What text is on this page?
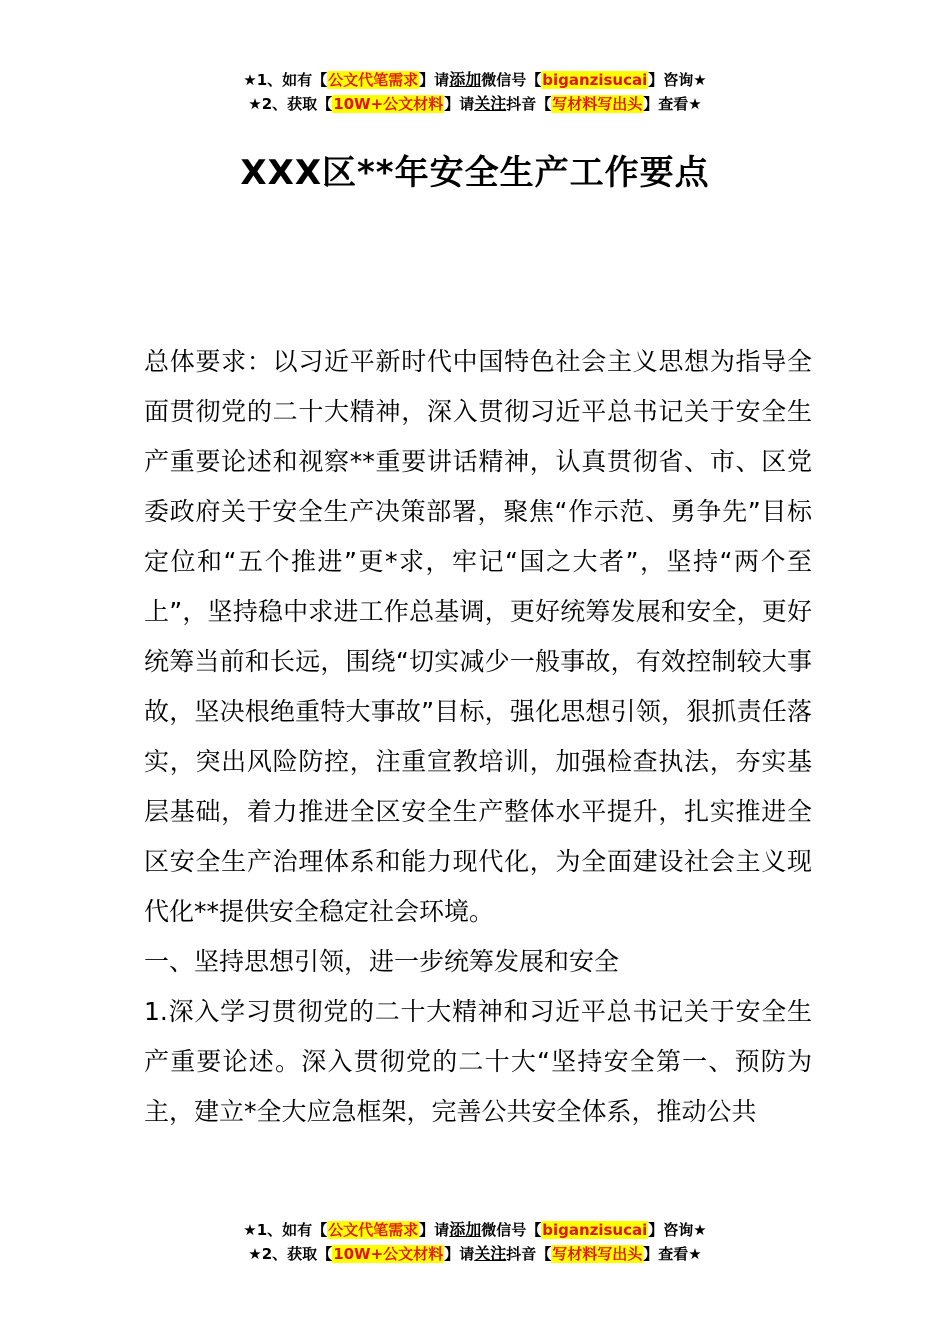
★1、如有【公文代笔需求】请添加微信号【biganzisucai】咨询★
★2、获取【10W+公文材料】请关注抖音【写材料写出头】查看★
XXX区**年安全生产工作要点

总体要求：以习近平新时代中国特色社会主义思想为指导全面贯彻党的二十大精神，深入贯彻习近平总书记关于安全生产重要论述和视察**重要讲话精神，认真贯彻省、市、区党委政府关于安全生产决策部署，聚焦“作示范、勇争先”目标定位和“五个推进”更*求，牢记“国之大者”，坚持“两个至上”，坚持稳中求进工作总基调，更好统筹发展和安全，更好统筹当前和长远，围绕“切实减少一般事故，有效控制较大事故，坚决根绝重特大事故”目标，强化思想引领，狠抓责任落实，突出风险防控，注重宣教培训，加强检查执法，夯实基层基础，着力推进全区安全生产整体水平提升，扎实推进全区安全生产治理体系和能力现代化，为全面建设社会主义现代化**提供安全稳定社会环境。

一、坚持思想引领，进一步统筹发展和安全

1.深入学习贯彻党的二十大精神和习近平总书记关于安全生产重要论述。深入贯彻党的二十大“坚持安全第一、预防为主，建立*全大应急框架，完善公共安全体系，推动公共

★1、如有【公文代笔需求】请添加微信号【biganzisucai】咨询★
★2、获取【10W+公文材料】请关注抖音【写材料写出头】查看★
